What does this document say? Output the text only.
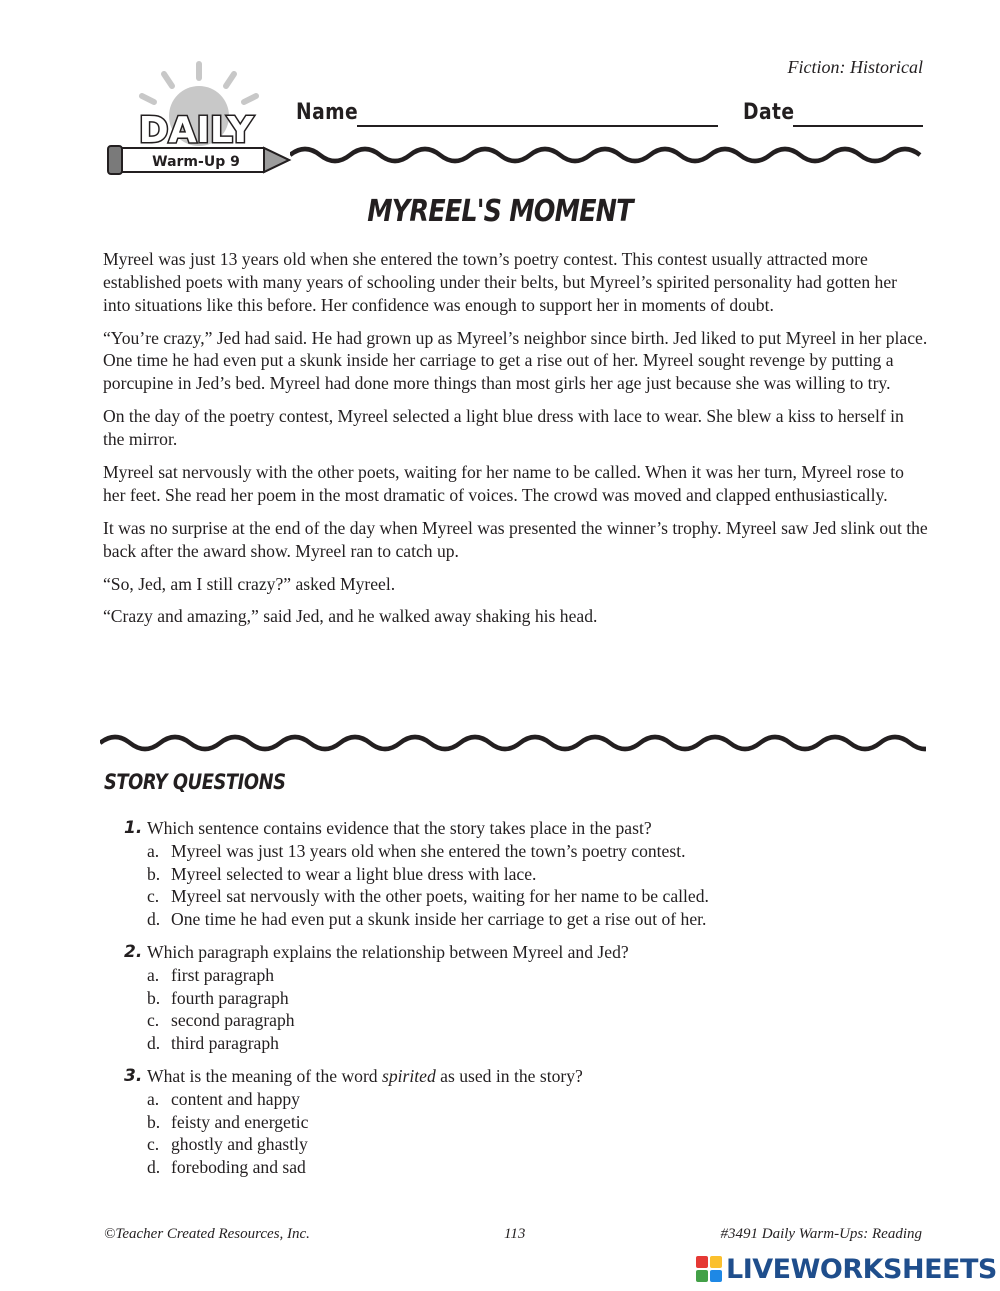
Fiction: Historical
DAILY
Warm-Up 9
Name	Date
MYREEL'S MOMENT

Myreel was just 13 years old when she entered the town’s poetry contest. This contest usually attracted more established poets with many years of schooling under their belts, but Myreel’s spirited personality had gotten her into situations like this before. Her confidence was enough to support her in moments of doubt.

“You’re crazy,” Jed had said. He had grown up as Myreel’s neighbor since birth. Jed liked to put Myreel in her place. One time he had even put a skunk inside her carriage to get a rise out of her. Myreel sought revenge by putting a porcupine in Jed’s bed. Myreel had done more things than most girls her age just because she was willing to try.

On the day of the poetry contest, Myreel selected a light blue dress with lace to wear. She blew a kiss to herself in the mirror.

Myreel sat nervously with the other poets, waiting for her name to be called. When it was her turn, Myreel rose to her feet. She read her poem in the most dramatic of voices. The crowd was moved and clapped enthusiastically.

It was no surprise at the end of the day when Myreel was presented the winner’s trophy. Myreel saw Jed slink out the back after the award show. Myreel ran to catch up.

“So, Jed, am I still crazy?” asked Myreel.

“Crazy and amazing,” said Jed, and he walked away shaking his head.

STORY QUESTIONS
1. Which sentence contains evidence that the story takes place in the past?
a. Myreel was just 13 years old when she entered the town’s poetry contest.
b. Myreel selected to wear a light blue dress with lace.
c. Myreel sat nervously with the other poets, waiting for her name to be called.
d. One time he had even put a skunk inside her carriage to get a rise out of her.
2. Which paragraph explains the relationship between Myreel and Jed?
a. first paragraph
b. fourth paragraph
c. second paragraph
d. third paragraph
3. What is the meaning of the word spirited as used in the story?
a. content and happy
b. feisty and energetic
c. ghostly and ghastly
d. foreboding and sad
©Teacher Created Resources, Inc.	113	#3491 Daily Warm-Ups: Reading
LIVEWORKSHEETS
